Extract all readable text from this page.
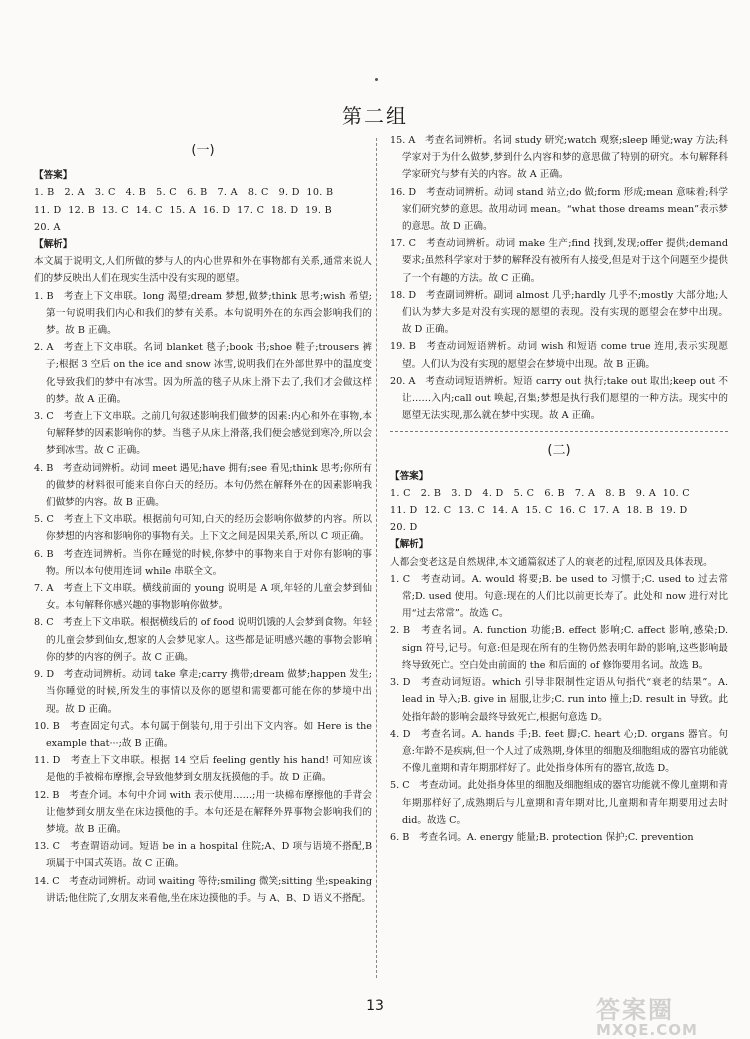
第二组
(一)
【答案】
1. B   2. A   3. C   4. B   5. C   6. B   7. A   8. C   9. D  10. B
11. D  12. B  13. C  14. C  15. A  16. D  17. C  18. D  19. B
20. A
【解析】
本文属于说明文,人们所做的梦与人的内心世界和外在事物都有关系,通常来说人们的梦反映出人们在现实生活中没有实现的愿望。
1. B　考查上下文串联。long 渴望;dream 梦想,做梦;think 思考;wish 希望;第一句说明我们内心和我们的梦有关系。本句说明外在的东西会影响我们的梦。故 B 正确。
2. A　考查上下文串联。名词 blanket 毯子;book 书;shoe 鞋子;trousers 裤子;根据 3 空后 on the ice and snow 冰雪,说明我们在外部世界中的温度变化导致我们的梦中有冰雪。因为所盖的毯子从床上滑下去了,我们才会做这样的梦。故 A 正确。
3. C　考查上下文串联。之前几句叙述影响我们做梦的因素:内心和外在事物,本句解释梦的因素影响你的梦。当毯子从床上滑落,我们便会感觉到寒冷,所以会梦到冰雪。故 C 正确。
4. B　考查动词辨析。动词 meet 遇见;have 拥有;see 看见;think 思考;你所有的做梦的材料很可能来自你白天的经历。本句仍然在解释外在的因素影响我们做梦的内容。故 B 正确。
5. C　考查上下文串联。根据前句可知,白天的经历会影响你做梦的内容。所以你梦想的内容和影响你的事物有关。上下文之间是因果关系,所以 C 项正确。
6. B　考查连词辨析。当你在睡觉的时候,你梦中的事物来自于对你有影响的事物。所以本句使用连词 while 串联全文。
7. A　考查上下文串联。横线前面的 young 说明是 A 项,年轻的儿童会梦到仙女。本句解释你感兴趣的事物影响你做梦。
8. C　考查上下文串联。根据横线后的 of food 说明饥饿的人会梦到食物。年轻的儿童会梦到仙女,想家的人会梦见家人。这些都是证明感兴趣的事物会影响你的梦的内容的例子。故 C 正确。
9. D　考查动词辨析。动词 take 拿走;carry 携带;dream 做梦;happen 发生;当你睡觉的时候,所发生的事情以及你的愿望和需要都可能在你的梦境中出现。故 D 正确。
10. B　考查固定句式。本句属于倒装句,用于引出下文内容。如 Here is the example that···;故 B 正确。
11. D　考查上下文串联。根据 14 空后 feeling gently his hand! 可知应该是他的手被棉布摩擦,会导致他梦到女朋友抚摸他的手。故 D 正确。
12. B　考查介词。本句中介词 with 表示使用……;用一块棉布摩擦他的手背会让他梦到女朋友坐在床边摸他的手。本句还是在解释外界事物会影响我们的梦境。故 B 正确。
13. C　考查谓语动词。短语 be in a hospital 住院;A、D 项与语境不搭配,B 项属于中国式英语。故 C 正确。
14. C　考查动词辨析。动词 waiting 等待;smiling 微笑;sitting 坐;speaking 讲话;他住院了,女朋友来看他,坐在床边摸他的手。与 A、B、D 语义不搭配。
15. A　考查名词辨析。名词 study 研究;watch 观察;sleep 睡觉;way 方法;科学家对于为什么做梦,梦到什么内容和梦的意思做了特别的研究。本句解释科学家研究与梦有关的内容。故 A 正确。
16. D　考查动词辨析。动词 stand 站立;do 做;form 形成;mean 意味着;科学家们研究梦的意思。故用动词 mean。“what those dreams mean”表示梦的意思。故 D 正确。
17. C　考查动词辨析。动词 make 生产;find 找到,发现;offer 提供;demand 要求;虽然科学家对于梦的解释没有被所有人接受,但是对于这个问题至少提供了一个有趣的方法。故 C 正确。
18. D　考查副词辨析。副词 almost 几乎;hardly 几乎不;mostly 大部分地;人们认为梦大多是对没有实现的愿望的表现。没有实现的愿望会在梦中出现。故 D 正确。
19. B　考查动词短语辨析。动词 wish 和短语 come true 连用,表示实现愿望。人们认为没有实现的愿望会在梦境中出现。故 B 正确。
20. A　考查动词短语辨析。短语 carry out 执行;take out 取出;keep out 不让……入内;call out 唤起,召集;梦想是执行我们愿望的一种方法。现实中的愿望无法实现,那么就在梦中实现。故 A 正确。
(二)
【答案】
1. C   2. B   3. D   4. D   5. C   6. B   7. A   8. B   9. A  10. C
11. D  12. C  13. C  14. A  15. C  16. C  17. A  18. B  19. D
20. D
【解析】
人都会变老这是自然规律,本文通篇叙述了人的衰老的过程,原因及具体表现。
1. C　考查动词。A. would 将要;B. be used to 习惯于;C. used to 过去常常;D. used 使用。句意:现在的人们比以前更长寿了。此处和 now 进行对比用“过去常常”。故选 C。
2. B　考查名词。A. function 功能;B. effect 影响;C. affect 影响,感染;D. sign 符号,记号。句意:但是现在所有的生物仍然表明年龄的影响,这些影响最终导致死亡。空白处由前面的 the 和后面的 of 修饰要用名词。故选 B。
3. D　考查动词短语。which 引导非限制性定语从句指代“衰老的结果”。A. lead in 导入;B. give in 屈服,让步;C. run into 撞上;D. result in 导致。此处指年龄的影响会最终导致死亡,根据句意选 D。
4. D　考查名词。A. hands 手;B. feet 脚;C. heart 心;D. organs 器官。句意:年龄不是疾病,但一个人过了成熟期,身体里的细胞及细胞组成的器官功能就不像儿童期和青年期那样好了。此处指身体所有的器官,故选 D。
5. C　考查动词。此处指身体里的细胞及细胞组成的器官功能就不像儿童期和青年期那样好了,成熟期后与儿童期和青年期对比,儿童期和青年期要用过去时 did。故选 C。
6. B　考查名词。A. energy 能量;B. protection 保护;C. prevention
13	答案圈
MXQE.COM
